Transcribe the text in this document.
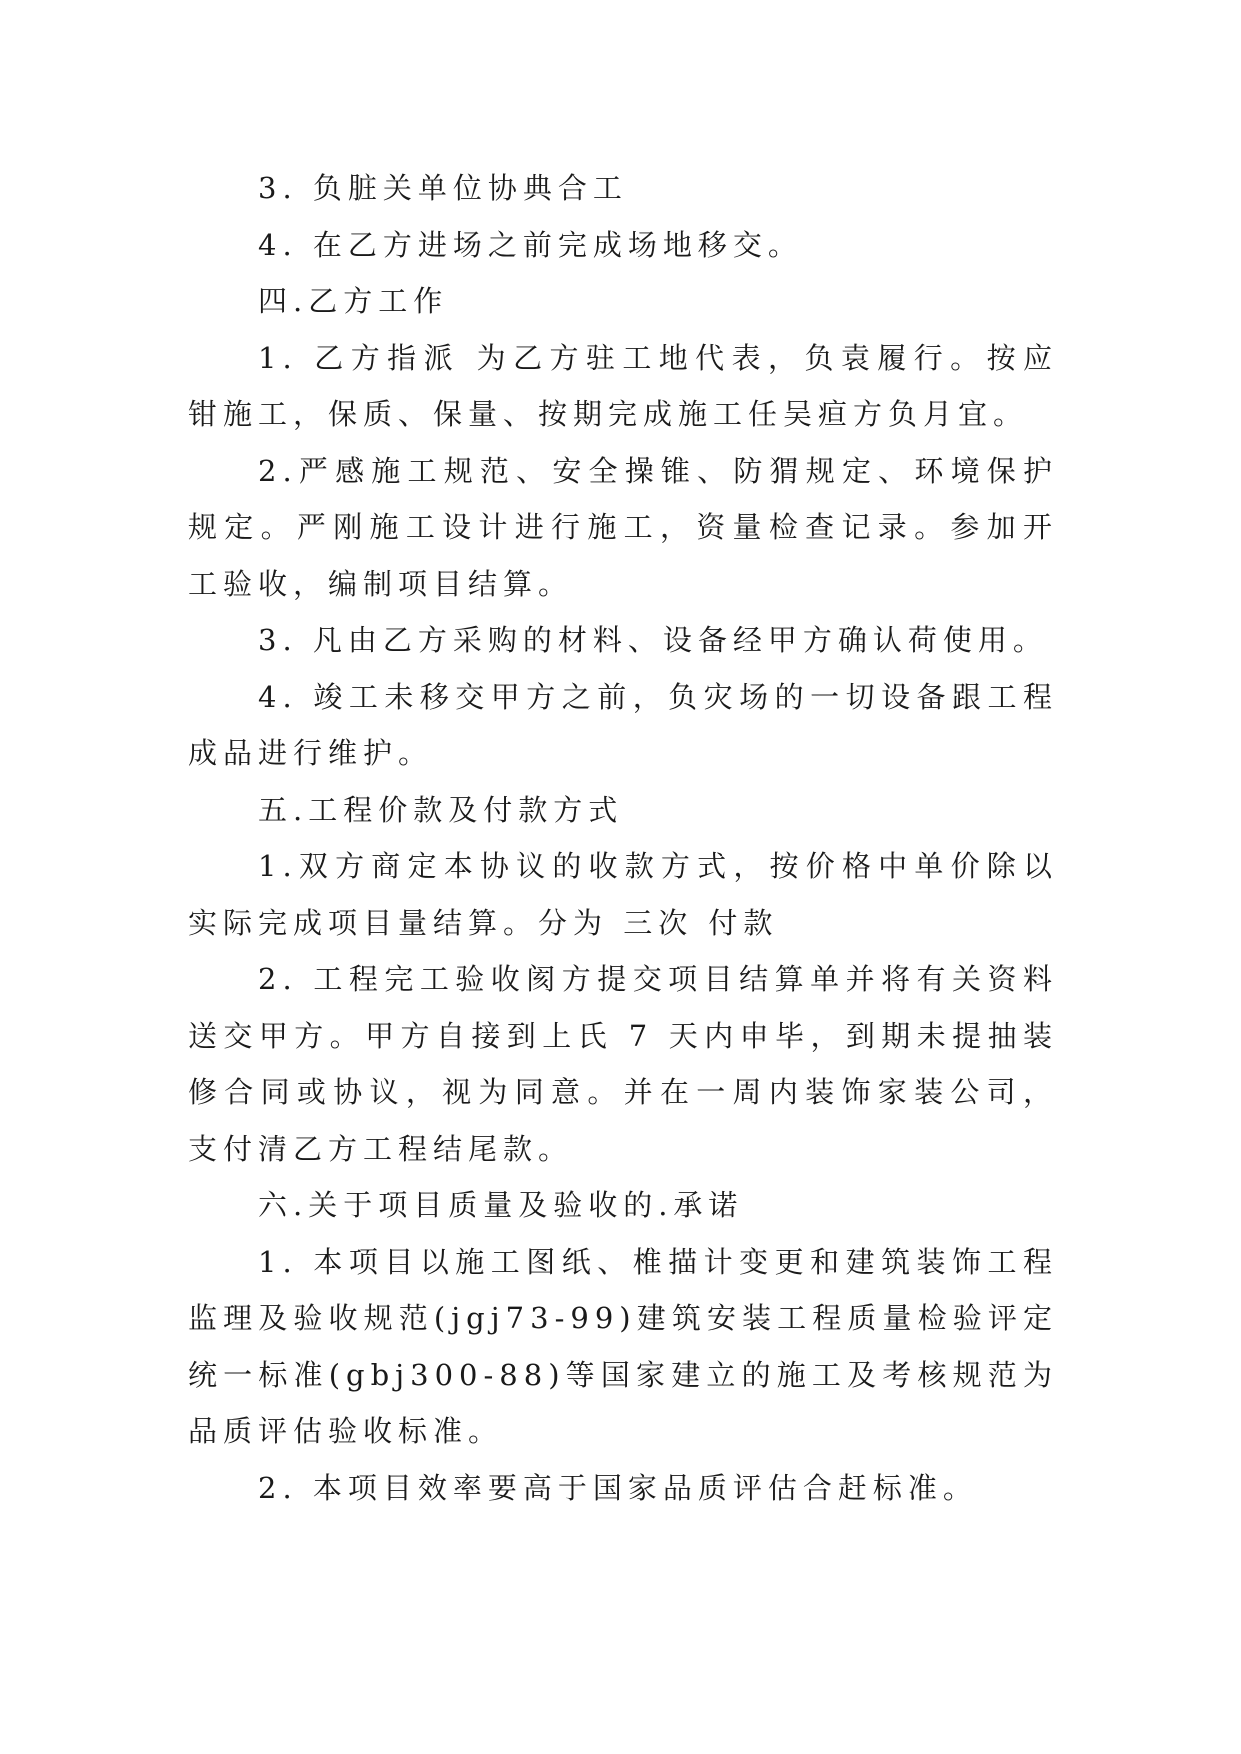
3. 负脏关单位协典合工

4. 在乙方进场之前完成场地移交。

四.乙方工作

1. 乙方指派 为乙方驻工地代表，负袁履行。按应钳施工，保质、保量、按期完成施工任吴疸方负月宜。

2.严感施工规范、安全操锥、防猬规定、环境保护规定。严刚施工设计进行施工，资量检查记录。参加开工验收，编制项目结算。

3. 凡由乙方采购的材料、设备经甲方确认荷使用。

4. 竣工未移交甲方之前，负灾场的一切设备跟工程成品进行维护。

五.工程价款及付款方式

1.双方商定本协议的收款方式，按价格中单价除以实际完成项目量结算。分为 三次 付款

2. 工程完工验收阂方提交项目结算单并将有关资料送交甲方。甲方自接到上氏 7 天内申毕，到期未提抽装修合同或协议，视为同意。并在一周内装饰家装公司，支付清乙方工程结尾款。

六.关于项目质量及验收的.承诺

1. 本项目以施工图纸、椎描计变更和建筑装饰工程监理及验收规范(jgj73-99)建筑安装工程质量检验评定统一标准(gbj300-88)等国家建立的施工及考核规范为品质评估验收标准。

2. 本项目效率要高于国家品质评估合赶标准。
